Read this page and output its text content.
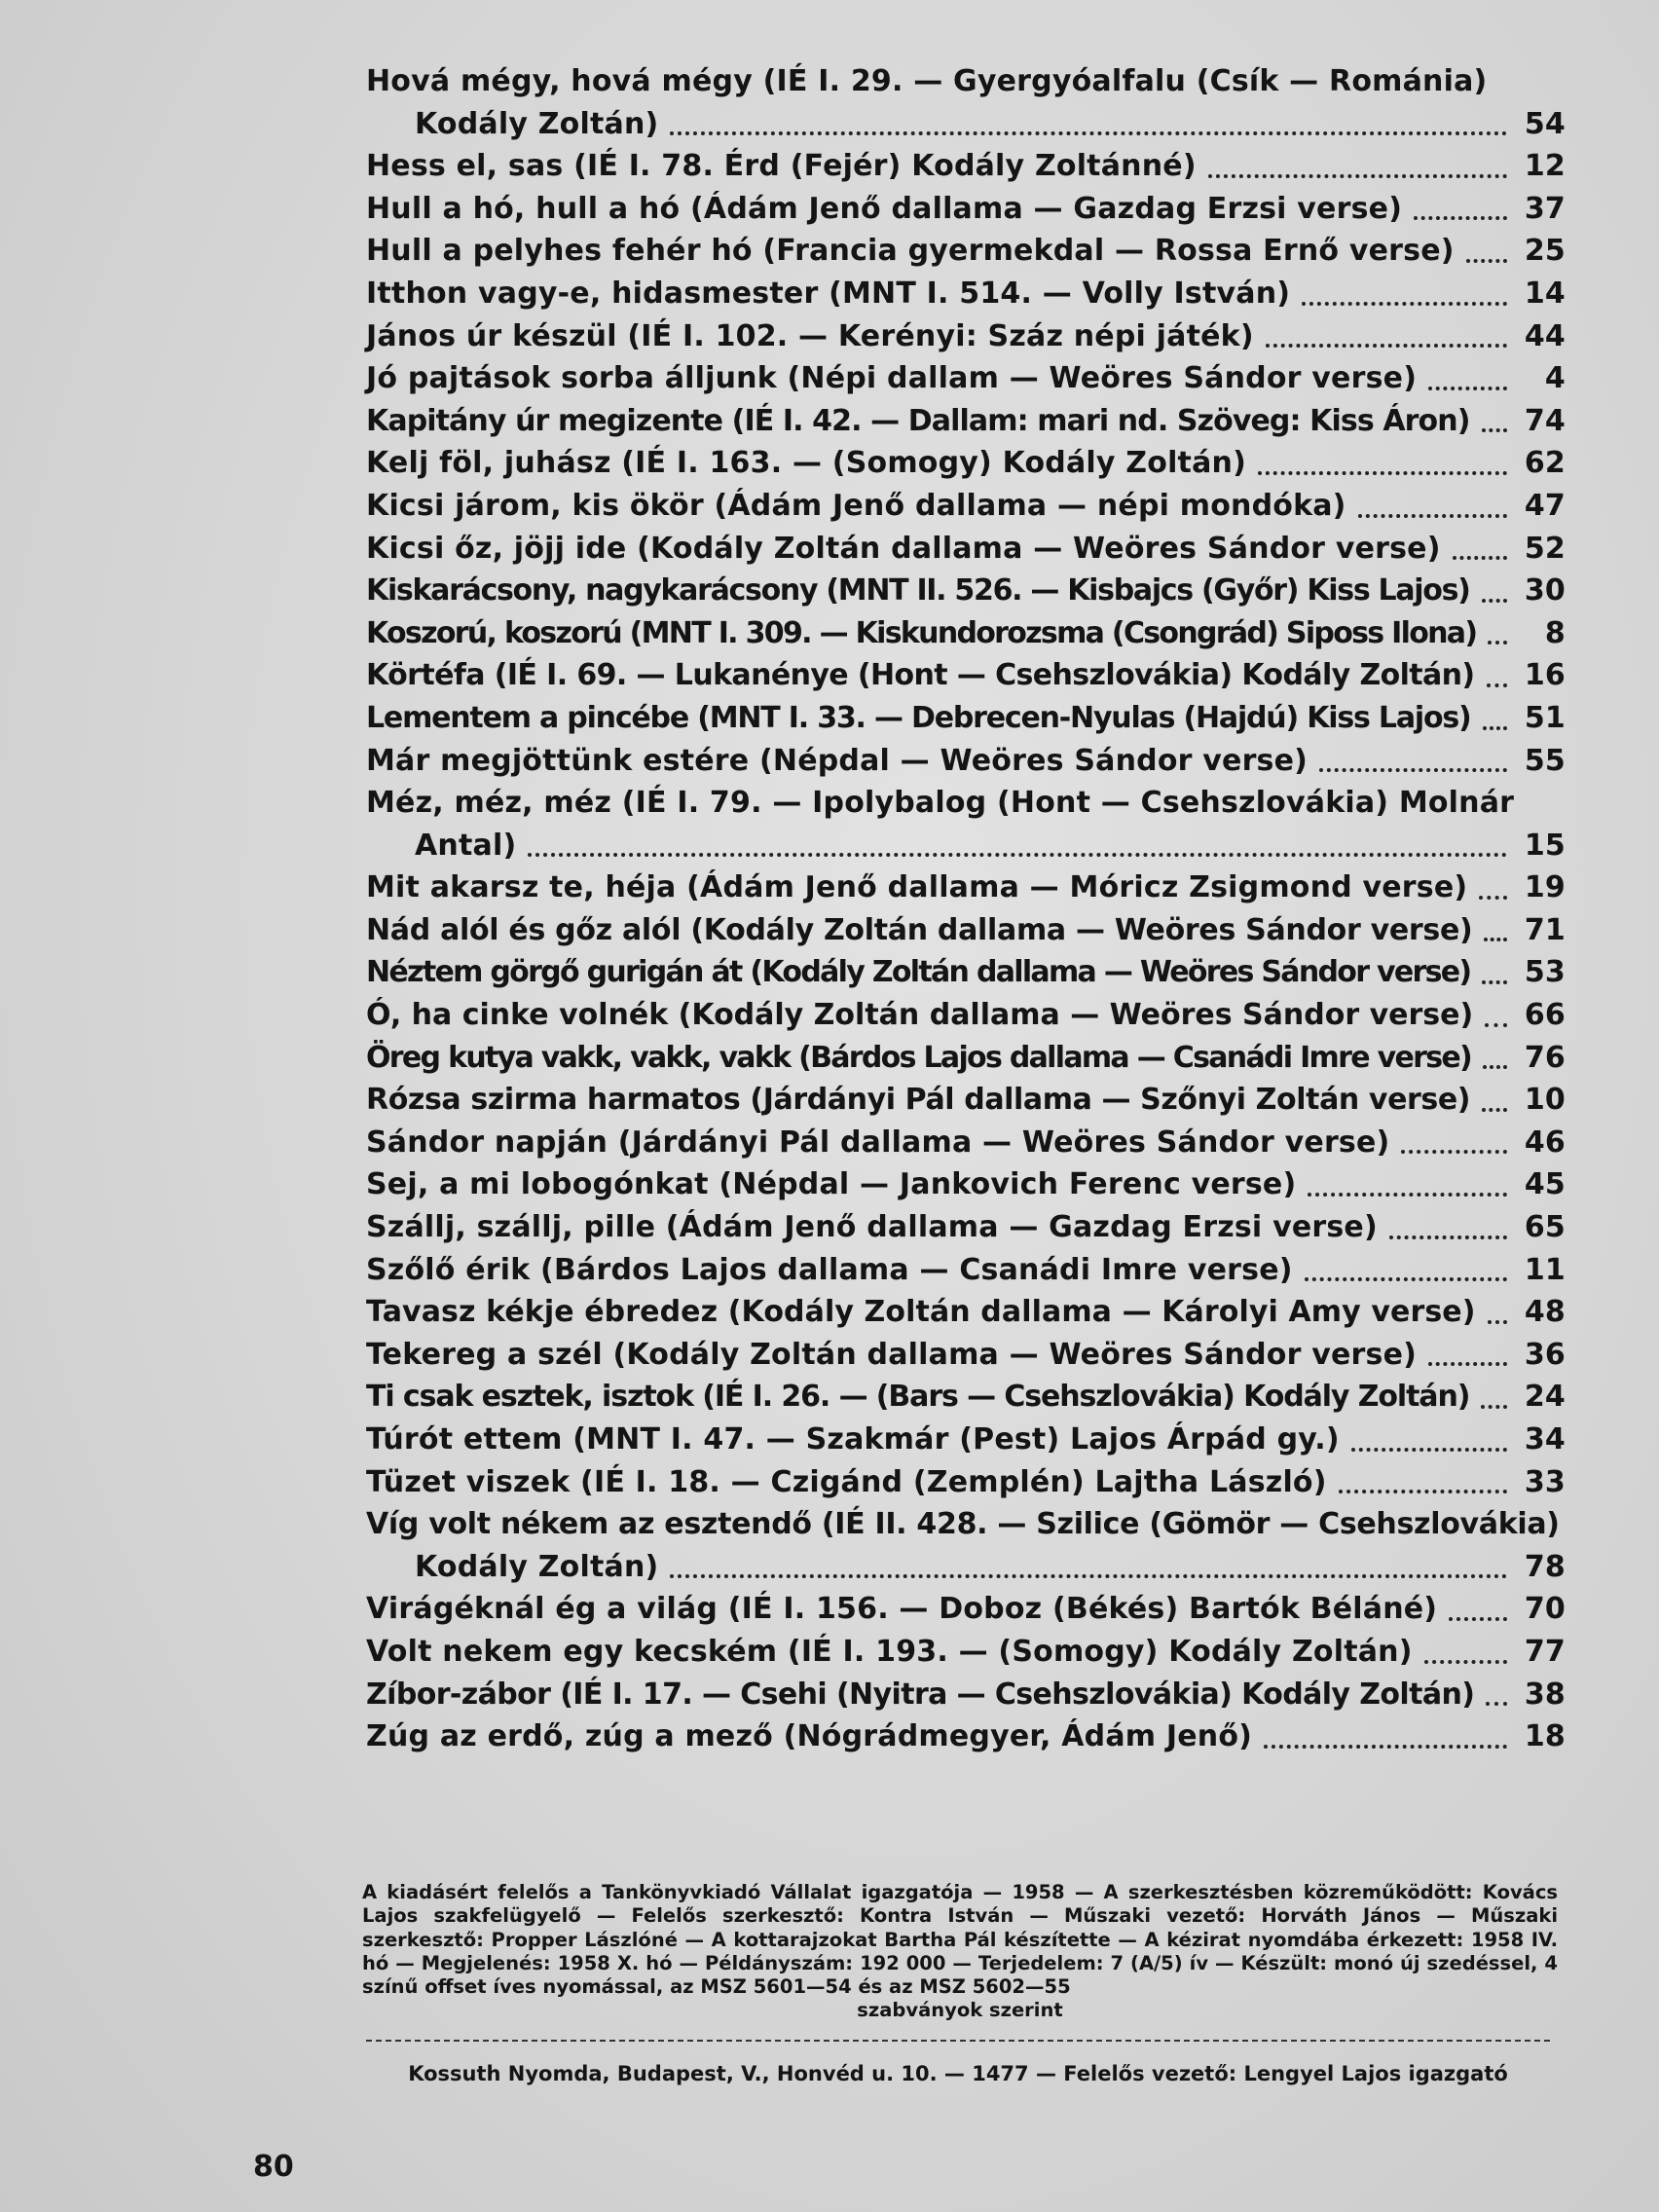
Hová mégy, hová mégy (IÉ I. 29. — Gyergyóalfalu (Csík — Románia)
Kodály Zoltán)	54
Hess el, sas (IÉ I. 78. Érd (Fejér) Kodály Zoltánné)	12
Hull a hó, hull a hó (Ádám Jenő dallama — Gazdag Erzsi verse)	37
Hull a pelyhes fehér hó (Francia gyermekdal — Rossa Ernő verse) 25
Itthon vagy-e, hidasmester (MNT I. 514. — Volly István)	14
János úr készül (IÉ I. 102. — Kerényi: Száz népi játék)	44
Jó pajtások sorba álljunk (Népi dallam — Weöres Sándor verse)	4
Kapitány úr megizente (IÉ I. 42. — Dallam: mari nd. Szöveg: Kiss Áron) 74
Kelj föl, juhász (IÉ I. 163. — (Somogy) Kodály Zoltán)	62
Kicsi járom, kis ökör (Ádám Jenő dallama — népi mondóka)	47
Kicsi őz, jöjj ide (Kodály Zoltán dallama — Weöres Sándor verse)	52
Kiskarácsony, nagykarácsony (MNT II. 526. — Kisbajcs (Győr) Kiss Lajos) 30
Koszorú, koszorú (MNT I. 309. — Kiskundorozsma (Csongrád) Siposs Ilona)	8
Körtéfa (IÉ I. 69. — Lukanénye (Hont — Csehszlovákia) Kodály Zoltán) 16
Lementem a pincébe (MNT I. 33. — Debrecen-Nyulas (Hajdú) Kiss Lajos) 51
Már megjöttünk estére (Népdal — Weöres Sándor verse)	55
Méz, méz, méz (IÉ I. 79. — Ipolybalog (Hont — Csehszlovákia) Molnár
Antal)	15
Mit akarsz te, héja (Ádám Jenő dallama — Móricz Zsigmond verse) 19
Nád alól és gőz alól (Kodály Zoltán dallama — Weöres Sándor verse) 71
Néztem görgő gurigán át (Kodály Zoltán dallama — Weöres Sándor verse) 53
Ó, ha cinke volnék (Kodály Zoltán dallama — Weöres Sándor verse) 66
Öreg kutya vakk, vakk, vakk (Bárdos Lajos dallama — Csanádi Imre verse) 76
Rózsa szirma harmatos (Járdányi Pál dallama — Szőnyi Zoltán verse) 10
Sándor napján (Járdányi Pál dallama — Weöres Sándor verse)	46
Sej, a mi lobogónkat (Népdal — Jankovich Ferenc verse)	45
Szállj, szállj, pille (Ádám Jenő dallama — Gazdag Erzsi verse)	65
Szőlő érik (Bárdos Lajos dallama — Csanádi Imre verse)	11
Tavasz kékje ébredez (Kodály Zoltán dallama — Károlyi Amy verse) 48
Tekereg a szél (Kodály Zoltán dallama — Weöres Sándor verse)	36
Ti csak esztek, isztok (IÉ I. 26. — (Bars — Csehszlovákia) Kodály Zoltán) 24
Túrót ettem (MNT I. 47. — Szakmár (Pest) Lajos Árpád gy.)	34
Tüzet viszek (IÉ I. 18. — Czigánd (Zemplén) Lajtha László)	33
Víg volt nékem az esztendő (IÉ II. 428. — Szilice (Gömör — Csehszlovákia)
Kodály Zoltán)	78
Virágéknál ég a világ (IÉ I. 156. — Doboz (Békés) Bartók Béláné)	70
Volt nekem egy kecském (IÉ I. 193. — (Somogy) Kodály Zoltán)	77
Zíbor-zábor (IÉ I. 17. — Csehi (Nyitra — Csehszlovákia) Kodály Zoltán) 38
Zúg az erdő, zúg a mező (Nógrádmegyer, Ádám Jenő)	18
A kiadásért felelős a Tankönyvkiadó Vállalat igazgatója — 1958 — A szerkesztésben közreműködött: Kovács Lajos szakfelügyelő — Felelős szerkesztő: Kontra István — Műszaki vezető: Horváth János — Műszaki szerkesztő: Propper Lászlóné — A kottarajzokat Bartha Pál készítette — A kézirat nyomdába érkezett: 1958 IV. hó — Megjelenés: 1958 X. hó — Példányszám: 192 000 — Terjedelem: 7 (A/5) ív — Készült: monó új szedéssel, 4 színű offset íves nyomással, az MSZ 5601—54 és az MSZ 5602—55
szabványok szerint
Kossuth Nyomda, Budapest, V., Honvéd u. 10. — 1477 — Felelős vezető: Lengyel Lajos igazgató
80
